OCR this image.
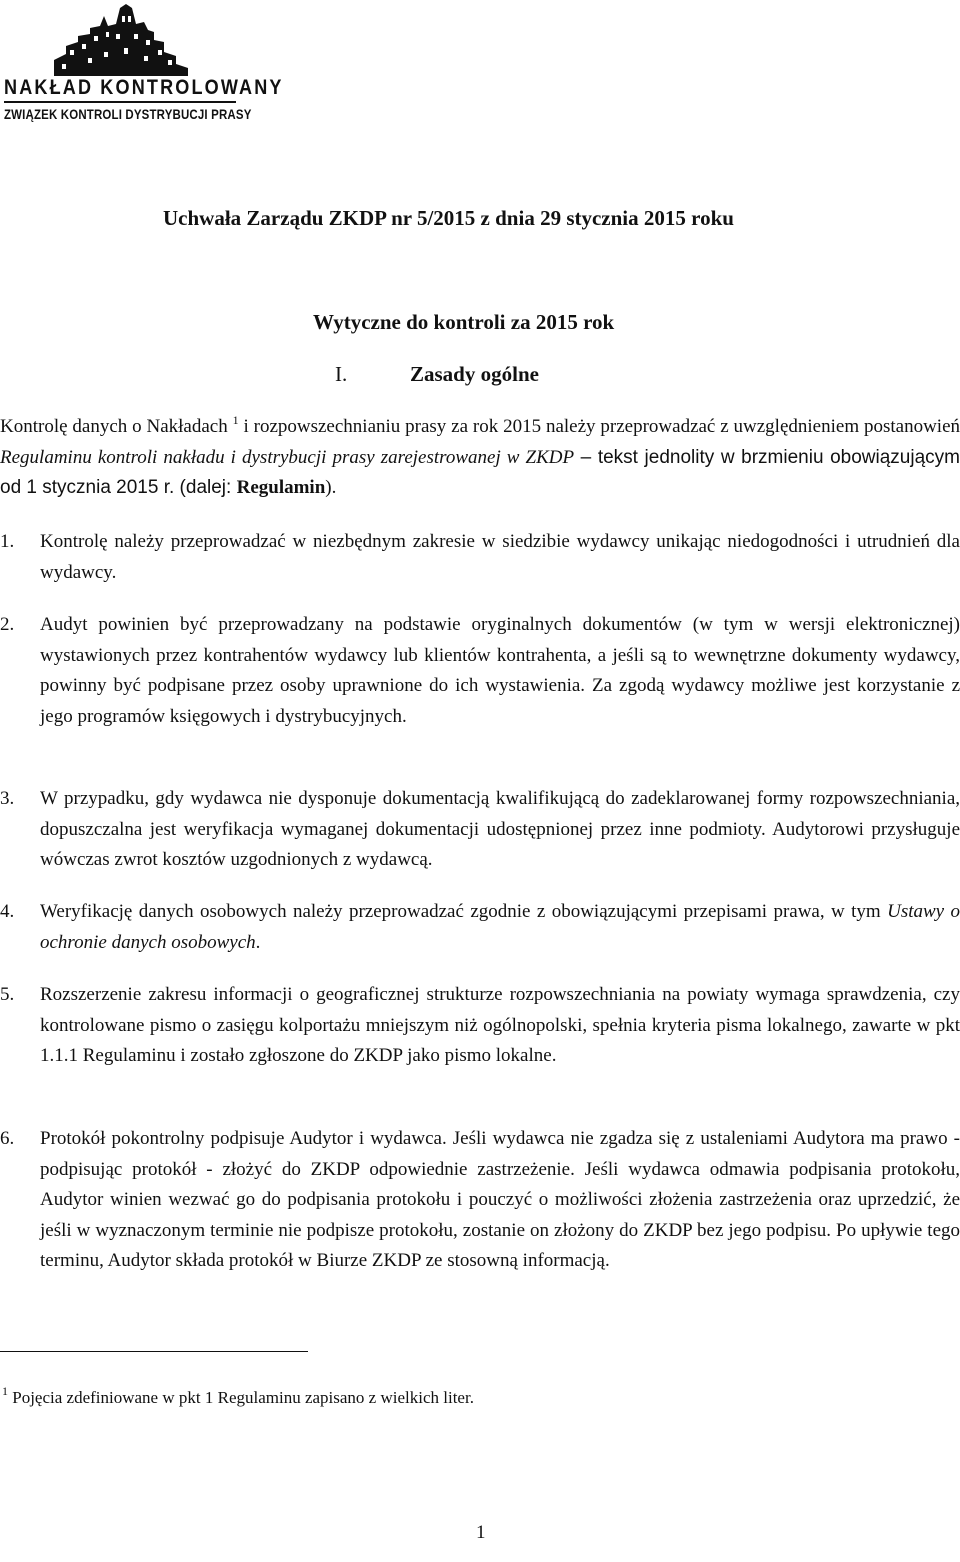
NAKŁAD KONTROLOWANY
ZWIĄZEK KONTROLI DYSTRYBUCJI PRASY
Uchwała Zarządu ZKDP nr 5/2015 z dnia 29 stycznia 2015 roku
Wytyczne do kontroli za 2015 rok
I.	Zasady ogólne
Kontrolę danych o Nakładach $^1$ i rozpowszechnianiu prasy za rok 2015 należy przeprowadzać z uwzględnieniem postanowień Regulaminu kontroli nakładu i dystrybucji prasy zarejestrowanej w ZKDP – tekst jednolity w brzmieniu obowiązującym od 1 stycznia 2015 r. (dalej: Regulamin).
1.	Kontrolę należy przeprowadzać w niezbędnym zakresie w siedzibie wydawcy unikając niedogodności i utrudnień dla wydawcy.
2.	Audyt powinien być przeprowadzany na podstawie oryginalnych dokumentów (w tym w wersji elektronicznej) wystawionych przez kontrahentów wydawcy lub klientów kontrahenta, a jeśli są to wewnętrzne dokumenty wydawcy, powinny być podpisane przez osoby uprawnione do ich wystawienia. Za zgodą wydawcy możliwe jest korzystanie z jego programów księgowych i dystrybucyjnych.
3.	W przypadku, gdy wydawca nie dysponuje dokumentacją kwalifikującą do zadeklarowanej formy rozpowszechniania, dopuszczalna jest weryfikacja wymaganej dokumentacji udostępnionej przez inne podmioty. Audytorowi przysługuje wówczas zwrot kosztów uzgodnionych z wydawcą.
4.	Weryfikację danych osobowych należy przeprowadzać zgodnie z obowiązującymi przepisami prawa, w tym Ustawy o ochronie danych osobowych.
5.	Rozszerzenie zakresu informacji o geograficznej strukturze rozpowszechniania na powiaty wymaga sprawdzenia, czy kontrolowane pismo o zasięgu kolportażu mniejszym niż ogólnopolski, spełnia kryteria pisma lokalnego, zawarte w pkt 1.1.1 Regulaminu i zostało zgłoszone do ZKDP jako pismo lokalne.
6.	Protokół pokontrolny podpisuje Audytor i wydawca. Jeśli wydawca nie zgadza się z ustaleniami Audytora ma prawo - podpisując protokół - złożyć do ZKDP odpowiednie zastrzeżenie. Jeśli wydawca odmawia podpisania protokołu, Audytor winien wezwać go do podpisania protokołu i pouczyć o możliwości złożenia zastrzeżenia oraz uprzedzić, że jeśli w wyznaczonym terminie nie podpisze protokołu, zostanie on złożony do ZKDP bez jego podpisu. Po upływie tego terminu, Audytor składa protokół w Biurze ZKDP ze stosowną informacją.
$^1$ Pojęcia zdefiniowane w pkt 1 Regulaminu zapisano z wielkich liter.
1
